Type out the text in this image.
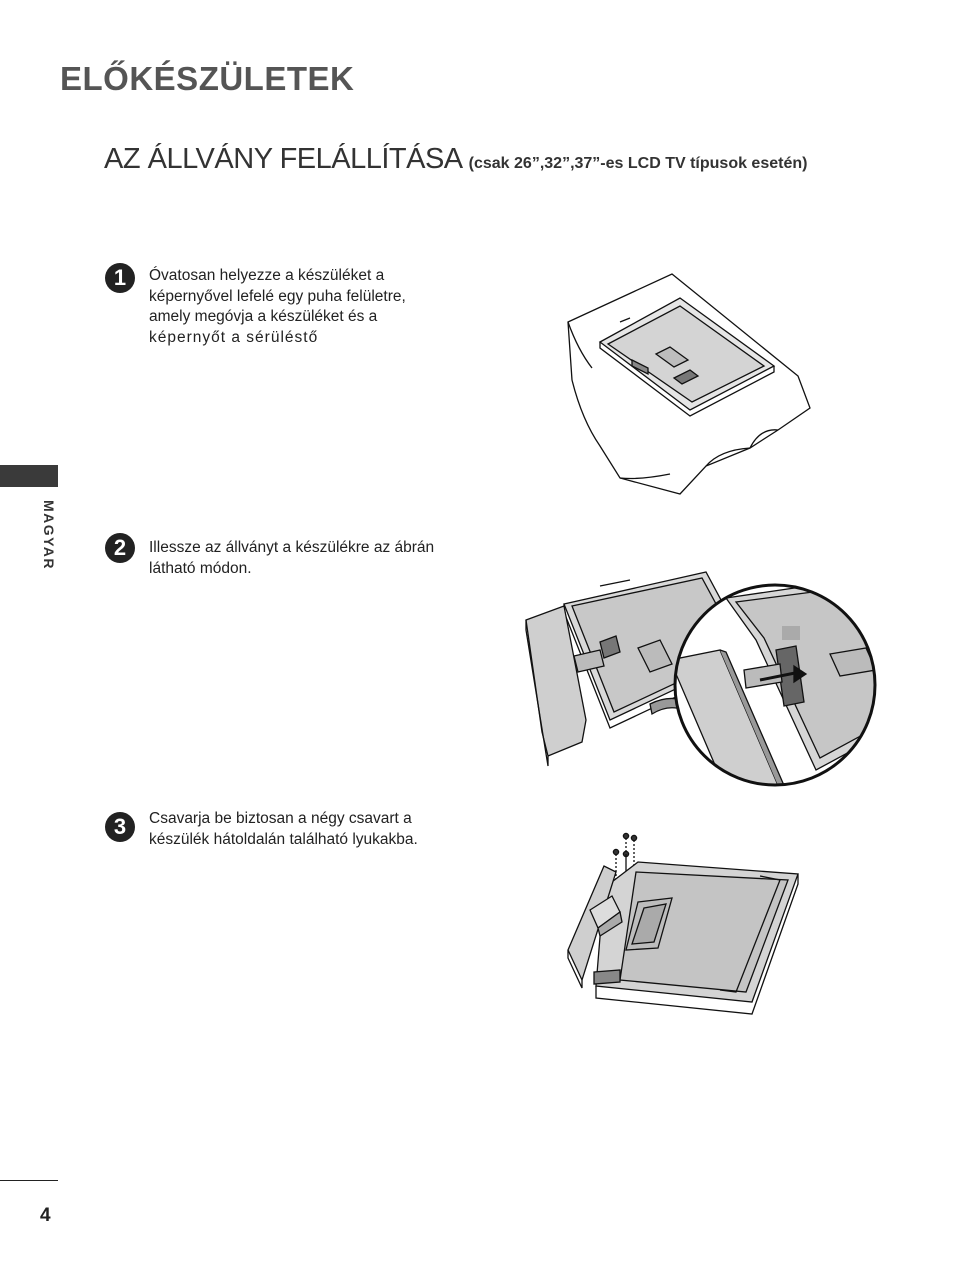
ELŐKÉSZÜLETEK
AZ ÁLLVÁNY FELÁLLÍTÁSA (csak 26”,32”,37”-es LCD TV típusok esetén)
MAGYAR
1	Óvatosan helyezze a készüléket a
képernyővel lefelé egy puha felületre,
amely megóvja a készüléket és a
képernyőt a sérüléstő
2	Illessze az állványt a készülékre az ábrán
látható módon.
3	Csavarja be biztosan a négy csavart a
készülék hátoldalán található lyukakba.
4
